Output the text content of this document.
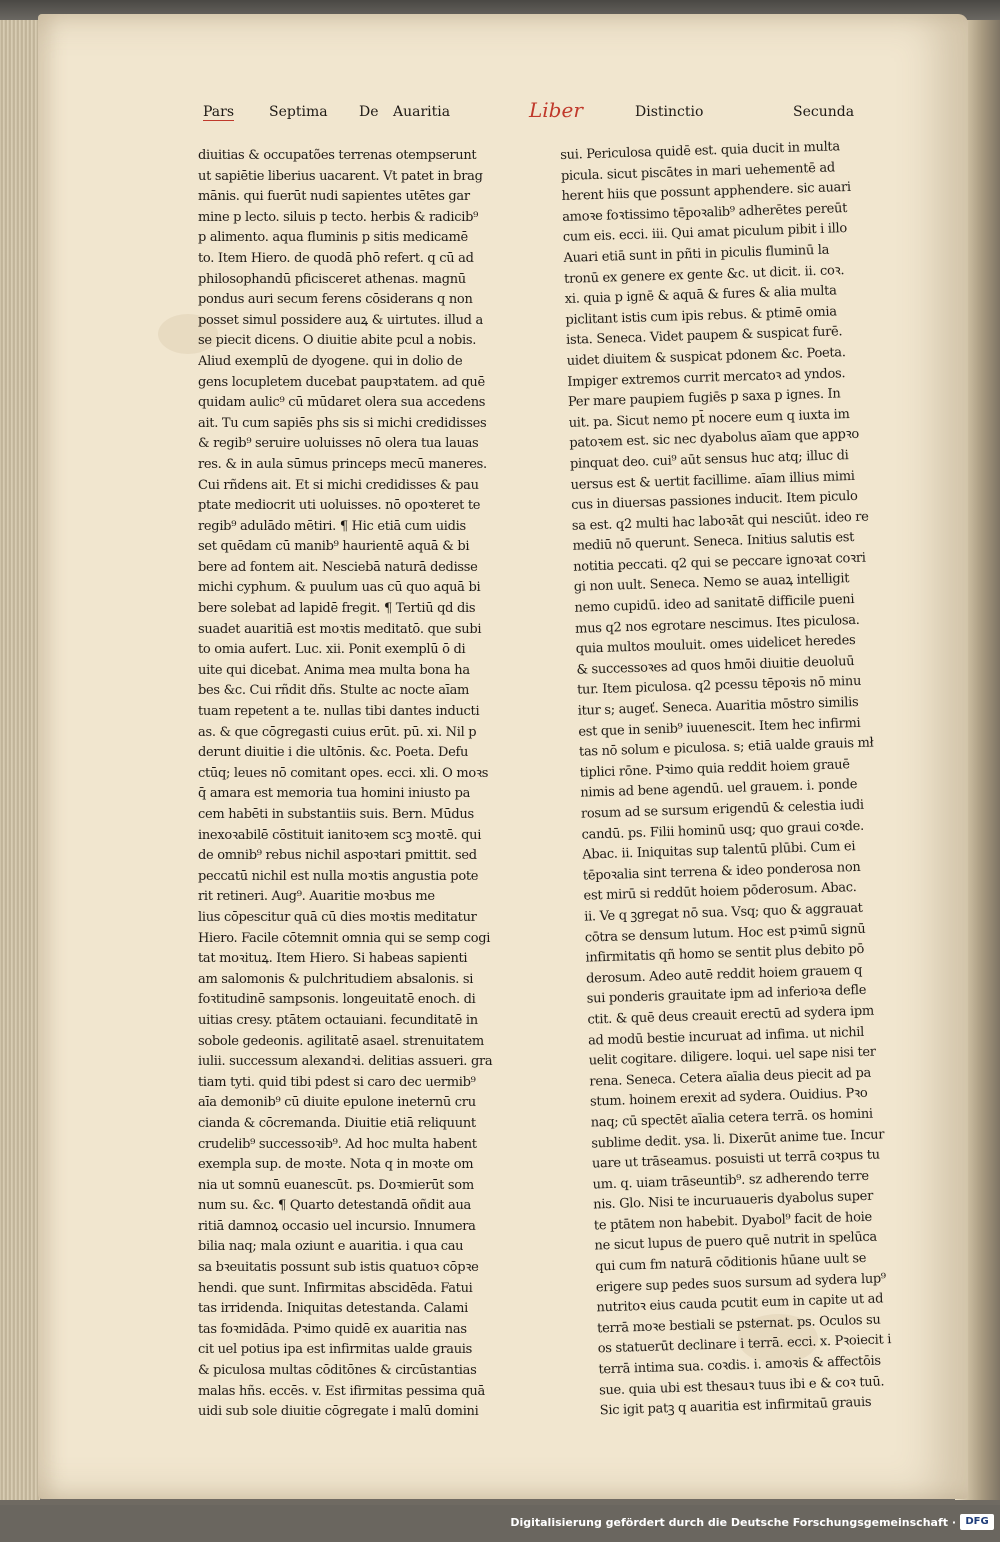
Pars Septima De Auaritia	Liber	Distinctio	Secunda
diuitias & occupatões terrenas otempserunt
ut sapiētie liberius uacarent. Vt patet in brag
mānis. qui fuerūt nudi sapientes utētes gar
mine p lecto. siluis p tecto. herbis & radicib⁹
p alimento. aqua fluminis p sitis medicamē
to. Item Hiero. de quodā phō refert. q cū ad
philosophandū pficisceret athenas. magnū
pondus auri secum ferens cōsiderans q non
posset simul possidere auꝝ & uirtutes. illud a
se piecit dicens. O diuitie abite pcul a nobis.
Aliud exemplū de dyogene. qui in dolio de
gens locupletem ducebat paupꝛtatem. ad quē
quidam aulic⁹ cū mūdaret olera sua accedens
ait. Tu cum sapiēs phs sis si michi credidisses
& regib⁹ seruire uoluisses nō olera tua lauas
res. & in aula sūmus princeps mecū maneres.
Cui rñdens ait. Et si michi credidisses & pau
ptate mediocrit uti uoluisses. nō opoꝛteret te
regib⁹ adulādo mētiri. ¶ Hic etiā cum uidis
set quēdam cū manib⁹ haurientē aquā & bi
bere ad fontem ait. Nesciebā naturā dedisse
michi cyphum. & puulum uas cū quo aquā bi
bere solebat ad lapidē fregit. ¶ Tertiū qd dis
suadet auaritiā est moꝛtis meditatō. que subi
to omia aufert. Luc. xii. Ponit exemplū ō di
uite qui dicebat. Anima mea multa bona ha
bes &c. Cui rñdit dñs. Stulte ac nocte aīam
tuam repetent a te. nullas tibi dantes inducti
as. & que cōgregasti cuius erūt. pū. xi. Nil p
derunt diuitie i die ultōnis. &c. Poeta. Defu
ctūq; leues nō comitant opes. ecci. xli. O moꝛs
q̄ amara est memoria tua homini iniusto pa
cem habēti in substantiis suis. Bern. Mūdus
inexoꝛabilē cōstituit ianitoꝛem scꝫ moꝛtē. qui
de omnib⁹ rebus nichil aspoꝛtari pmittit. sed
peccatū nichil est nulla moꝛtis angustia pote
rit retineri. Aug⁹. Auaritie moꝛbus me
lius cōpescitur quā cū dies moꝛtis meditatur
Hiero. Facile cōtemnit omnia qui se semp cogi
tat moꝛituꝝ. Item Hiero. Si habeas sapienti
am salomonis & pulchritudiem absalonis. si
foꝛtitudinē sampsonis. longeuitatē enoch. di
uitias cresy. ptātem octauiani. fecunditatē in
sobole gedeonis. agilitatē asael. strenuitatem
iulii. successum alexandꝛi. delitias assueri. gra
tiam tyti. quid tibi pdest si caro dec uermib⁹
aīa demonib⁹ cū diuite epulone ineternū cru
cianda & cōcremanda. Diuitie etiā reliquunt
crudelib⁹ successoꝛib⁹. Ad hoc multa habent
exempla sup. de moꝛte. Nota q in moꝛte om
nia ut somnū euanescūt. ps. Doꝛmierūt som
num su. &c. ¶ Quarto detestandā oñdit aua
ritiā damnoꝝ occasio uel incursio. Innumera
bilia naq; mala oziunt e auaritia. i qua cau
sa bꝛeuitatis possunt sub istis quatuoꝛ cōpꝛe
hendi. que sunt. Infirmitas abscidēda. Fatui
tas irridenda. Iniquitas detestanda. Calami
tas foꝛmidāda. Pꝛimo quidē ex auaritia nas
cit uel potius ipa est infirmitas ualde grauis
& piculosa multas cōditōnes & circūstantias
malas hñs. eccēs. v. Est ifirmitas pessima quā
uidi sub sole diuitie cōgregate i malū domini
sui. Periculosa quidē est. quia ducit in multa
picula. sicut piscātes in mari uehementē ad
herent hiis que possunt apphendere. sic auari
amoꝛe foꝛtissimo tēpoꝛalib⁹ adherētes pereūt
cum eis. ecci. iii. Qui amat piculum pibit i illo
Auari etiā sunt in pñti in piculis fluminū la
tronū ex genere ex gente &c. ut dicit. ii. coꝛ.
xi. quia p ignē & aquā & fures & alia multa
piclitant istis cum ipis rebus. & ptimē omia
ista. Seneca. Videt paupem & suspicat furē.
uidet diuitem & suspicat pdonem &c. Poeta.
Impiger extremos currit mercatoꝛ ad yndos.
Per mare paupiem fugiēs p saxa p ignes. In
uit. pa. Sicut nemo pt̄ nocere eum q iuxta im
patoꝛem est. sic nec dyabolus aīam que appꝛo
pinquat deo. cui⁹ aūt sensus huc atq; illuc di
uersus est & uertit facillime. aīam illius mimi
cus in diuersas passiones inducit. Item piculo
sa est. q2 multi hac laboꝛāt qui nesciūt. ideo re
mediū nō querunt. Seneca. Initius salutis est
notitia peccati. q2 qui se peccare ignoꝛat coꝛri
gi non uult. Seneca. Nemo se auaꝝ intelligit
nemo cupidū. ideo ad sanitatē difficile pueni
mus q2 nos egrotare nescimus. Ites piculosa.
quia multos mouluit. omes uidelicet heredes
& successoꝛes ad quos hmōi diuitie deuoluū
tur. Item piculosa. q2 pcessu tēpoꝛis nō minu
itur s; augeť. Seneca. Auaritia mōstro similis
est que in senib⁹ iuuenescit. Item hec infirmi
tas nō solum e piculosa. s; etiā ualde grauis mł
tiplici rōne. Pꝛimo quia reddit hoiem grauē
nimis ad bene agendū. uel grauem. i. ponde
rosum ad se sursum erigendū & celestia iudi
candū. ps. Filii hominū usq; quo graui coꝛde.
Abac. ii. Iniquitas sup talentū plūbi. Cum ei
tēpoꝛalia sint terrena & ideo ponderosa non
est mirū si reddūt hoiem pōderosum. Abac.
ii. Ve q ꝫgregat nō sua. Vsq; quo & aggrauat
cōtra se densum lutum. Hoc est pꝛimū signū
infirmitatis qñ homo se sentit plus debito pō
derosum. Adeo autē reddit hoiem grauem q
sui ponderis grauitate ipm ad inferioꝛa defle
ctit. & quē deus creauit erectū ad sydera ipm
ad modū bestie incuruat ad infima. ut nichil
uelit cogitare. diligere. loqui. uel sape nisi ter
rena. Seneca. Cetera aīalia deus piecit ad pa
stum. hoinem erexit ad sydera. Ouidius. Pꝛo
naq; cū spectēt aīalia cetera terrā. os homini
sublime dedit. ysa. li. Dixerūt anime tue. Incur
uare ut trāseamus. posuisti ut terrā coꝛpus tu
um. q. uiam trāseuntib⁹. sz adherendo terre
nis. Glo. Nisi te incuruaueris dyabolus super
te ptātem non habebit. Dyabol⁹ facit de hoie
ne sicut lupus de puero quē nutrit in spelūca
qui cum fm naturā cōditionis hūane uult se
erigere sup pedes suos sursum ad sydera lup⁹
nutritoꝛ eius cauda pcutit eum in capite ut ad
terrā moꝛe bestiali se psternat. ps. Oculos su
os statuerūt declinare i terrā. ecci. x. Pꝛoiecit i
terrā intima sua. coꝛdis. i. amoꝛis & affectōis
sue. quia ubi est thesauꝛ tuus ibi e & coꝛ tuū.
Sic igit patꝫ q auaritia est infirmitaū grauis
Digitalisierung gefördert durch die Deutsche Forschungsgemeinschaft · DFG
